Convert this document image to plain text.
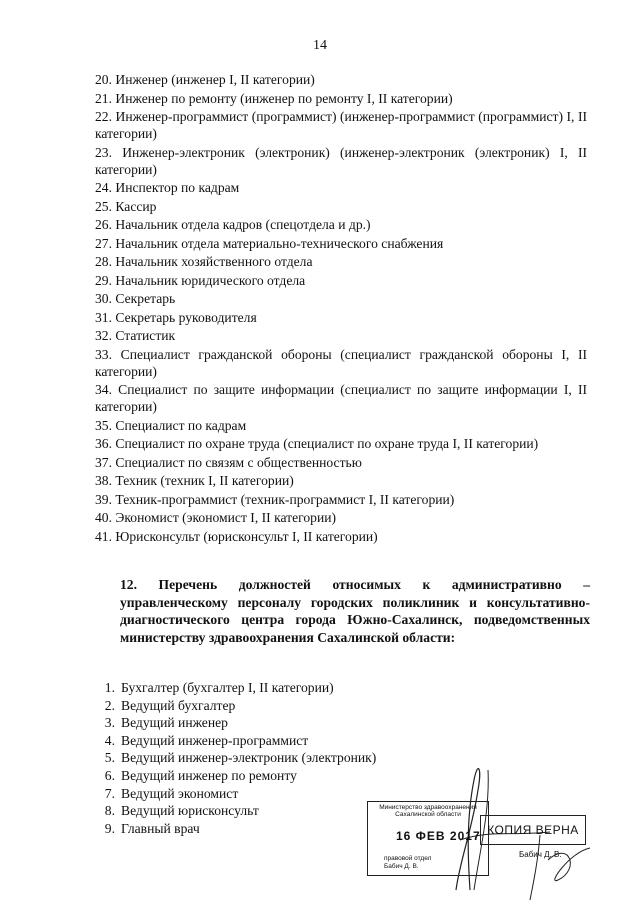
14
20. Инженер (инженер I, II категории)
21. Инженер по ремонту (инженер по ремонту I, II категории)
22. Инженер-программист (программист) (инженер-программист (программист) I, II категории)
23. Инженер-электроник (электроник) (инженер-электроник (электроник) I, II категории)
24. Инспектор по кадрам
25. Кассир
26. Начальник отдела кадров (спецотдела и др.)
27. Начальник отдела материально-технического снабжения
28. Начальник хозяйственного отдела
29. Начальник юридического отдела
30. Секретарь
31. Секретарь руководителя
32. Статистик
33. Специалист гражданской обороны (специалист гражданской обороны I, II категории)
34. Специалист по защите информации (специалист по защите информации I, II категории)
35. Специалист по кадрам
36. Специалист по охране труда (специалист по охране труда I, II категории)
37. Специалист по связям с общественностью
38. Техник (техник I, II категории)
39. Техник-программист (техник-программист I, II категории)
40. Экономист (экономист I, II категории)
41. Юрисконсульт (юрисконсульт I, II категории)
12. Перечень должностей относимых к административно – управленческому персоналу городских поликлиник и консультативно-диагностического центра города Южно-Сахалинск, подведомственных министерству здравоохранения Сахалинской области:
1. Бухгалтер (бухгалтер I, II категории)
2. Ведущий бухгалтер
3. Ведущий инженер
4. Ведущий инженер-программист
5. Ведущий инженер-электроник (электроник)
6. Ведущий инженер по ремонту
7. Ведущий экономист
8. Ведущий юрисконсульт
9. Главный врач
Министерство здравоохранения
Сахалинской области
16 ФЕВ 2017
правовой отдел
Бабич Д. В.
КОПИЯ ВЕРНА
Бабич Д. В.
